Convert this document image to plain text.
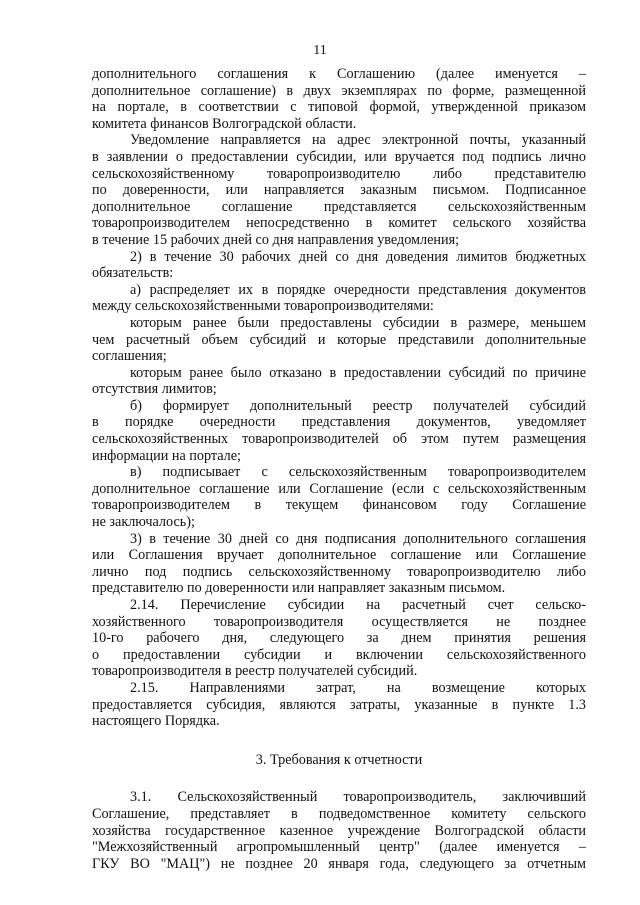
11

дополнительного соглашения к Соглашению (далее именуется –

дополнительное соглашение) в двух экземплярах по форме, размещенной

на портале, в соответствии с типовой формой, утвержденной приказом

комитета финансов Волгоградской области.

Уведомление направляется на адрес электронной почты, указанный

в заявлении о предоставлении субсидии, или вручается под подпись лично

сельскохозяйственному товаропроизводителю либо представителю

по доверенности, или направляется заказным письмом. Подписанное

дополнительное соглашение представляется сельскохозяйственным

товаропроизводителем непосредственно в комитет сельского хозяйства

в течение 15 рабочих дней со дня направления уведомления;

2) в течение 30 рабочих дней со дня доведения лимитов бюджетных

обязательств:

а) распределяет их в порядке очередности представления документов

между сельскохозяйственными товаропроизводителями:

которым ранее были предоставлены субсидии в размере, меньшем

чем расчетный объем субсидий и которые представили дополнительные

соглашения;

которым ранее было отказано в предоставлении субсидий по причине

отсутствия лимитов;

б) формирует дополнительный реестр получателей субсидий

в порядке очередности представления документов, уведомляет

сельскохозяйственных товаропроизводителей об этом путем размещения

информации на портале;

в) подписывает с сельскохозяйственным товаропроизводителем

дополнительное соглашение или Соглашение (если с сельскохозяйственным

товаропроизводителем в текущем финансовом году Соглашение

не заключалось);

3) в течение 30 дней со дня подписания дополнительного соглашения

или Соглашения вручает дополнительное соглашение или Соглашение

лично под подпись сельскохозяйственному товаропроизводителю либо

представителю по доверенности или направляет заказным письмом.

2.14. Перечисление субсидии на расчетный счет сельско-

хозяйственного товаропроизводителя осуществляется не позднее

10-го рабочего дня, следующего за днем принятия решения

о предоставлении субсидии и включении сельскохозяйственного

товаропроизводителя в реестр получателей субсидий.

2.15. Направлениями затрат, на возмещение которых

предоставляется субсидия, являются затраты, указанные в пункте 1.3

настоящего Порядка.

3. Требования к отчетности

3.1. Сельскохозяйственный товаропроизводитель, заключивший

Соглашение, представляет в подведомственное комитету сельского

хозяйства государственное казенное учреждение Волгоградской области

"Межхозяйственный агропромышленный центр" (далее именуется –

ГКУ ВО "МАЦ") не позднее 20 января года, следующего за отчетным
